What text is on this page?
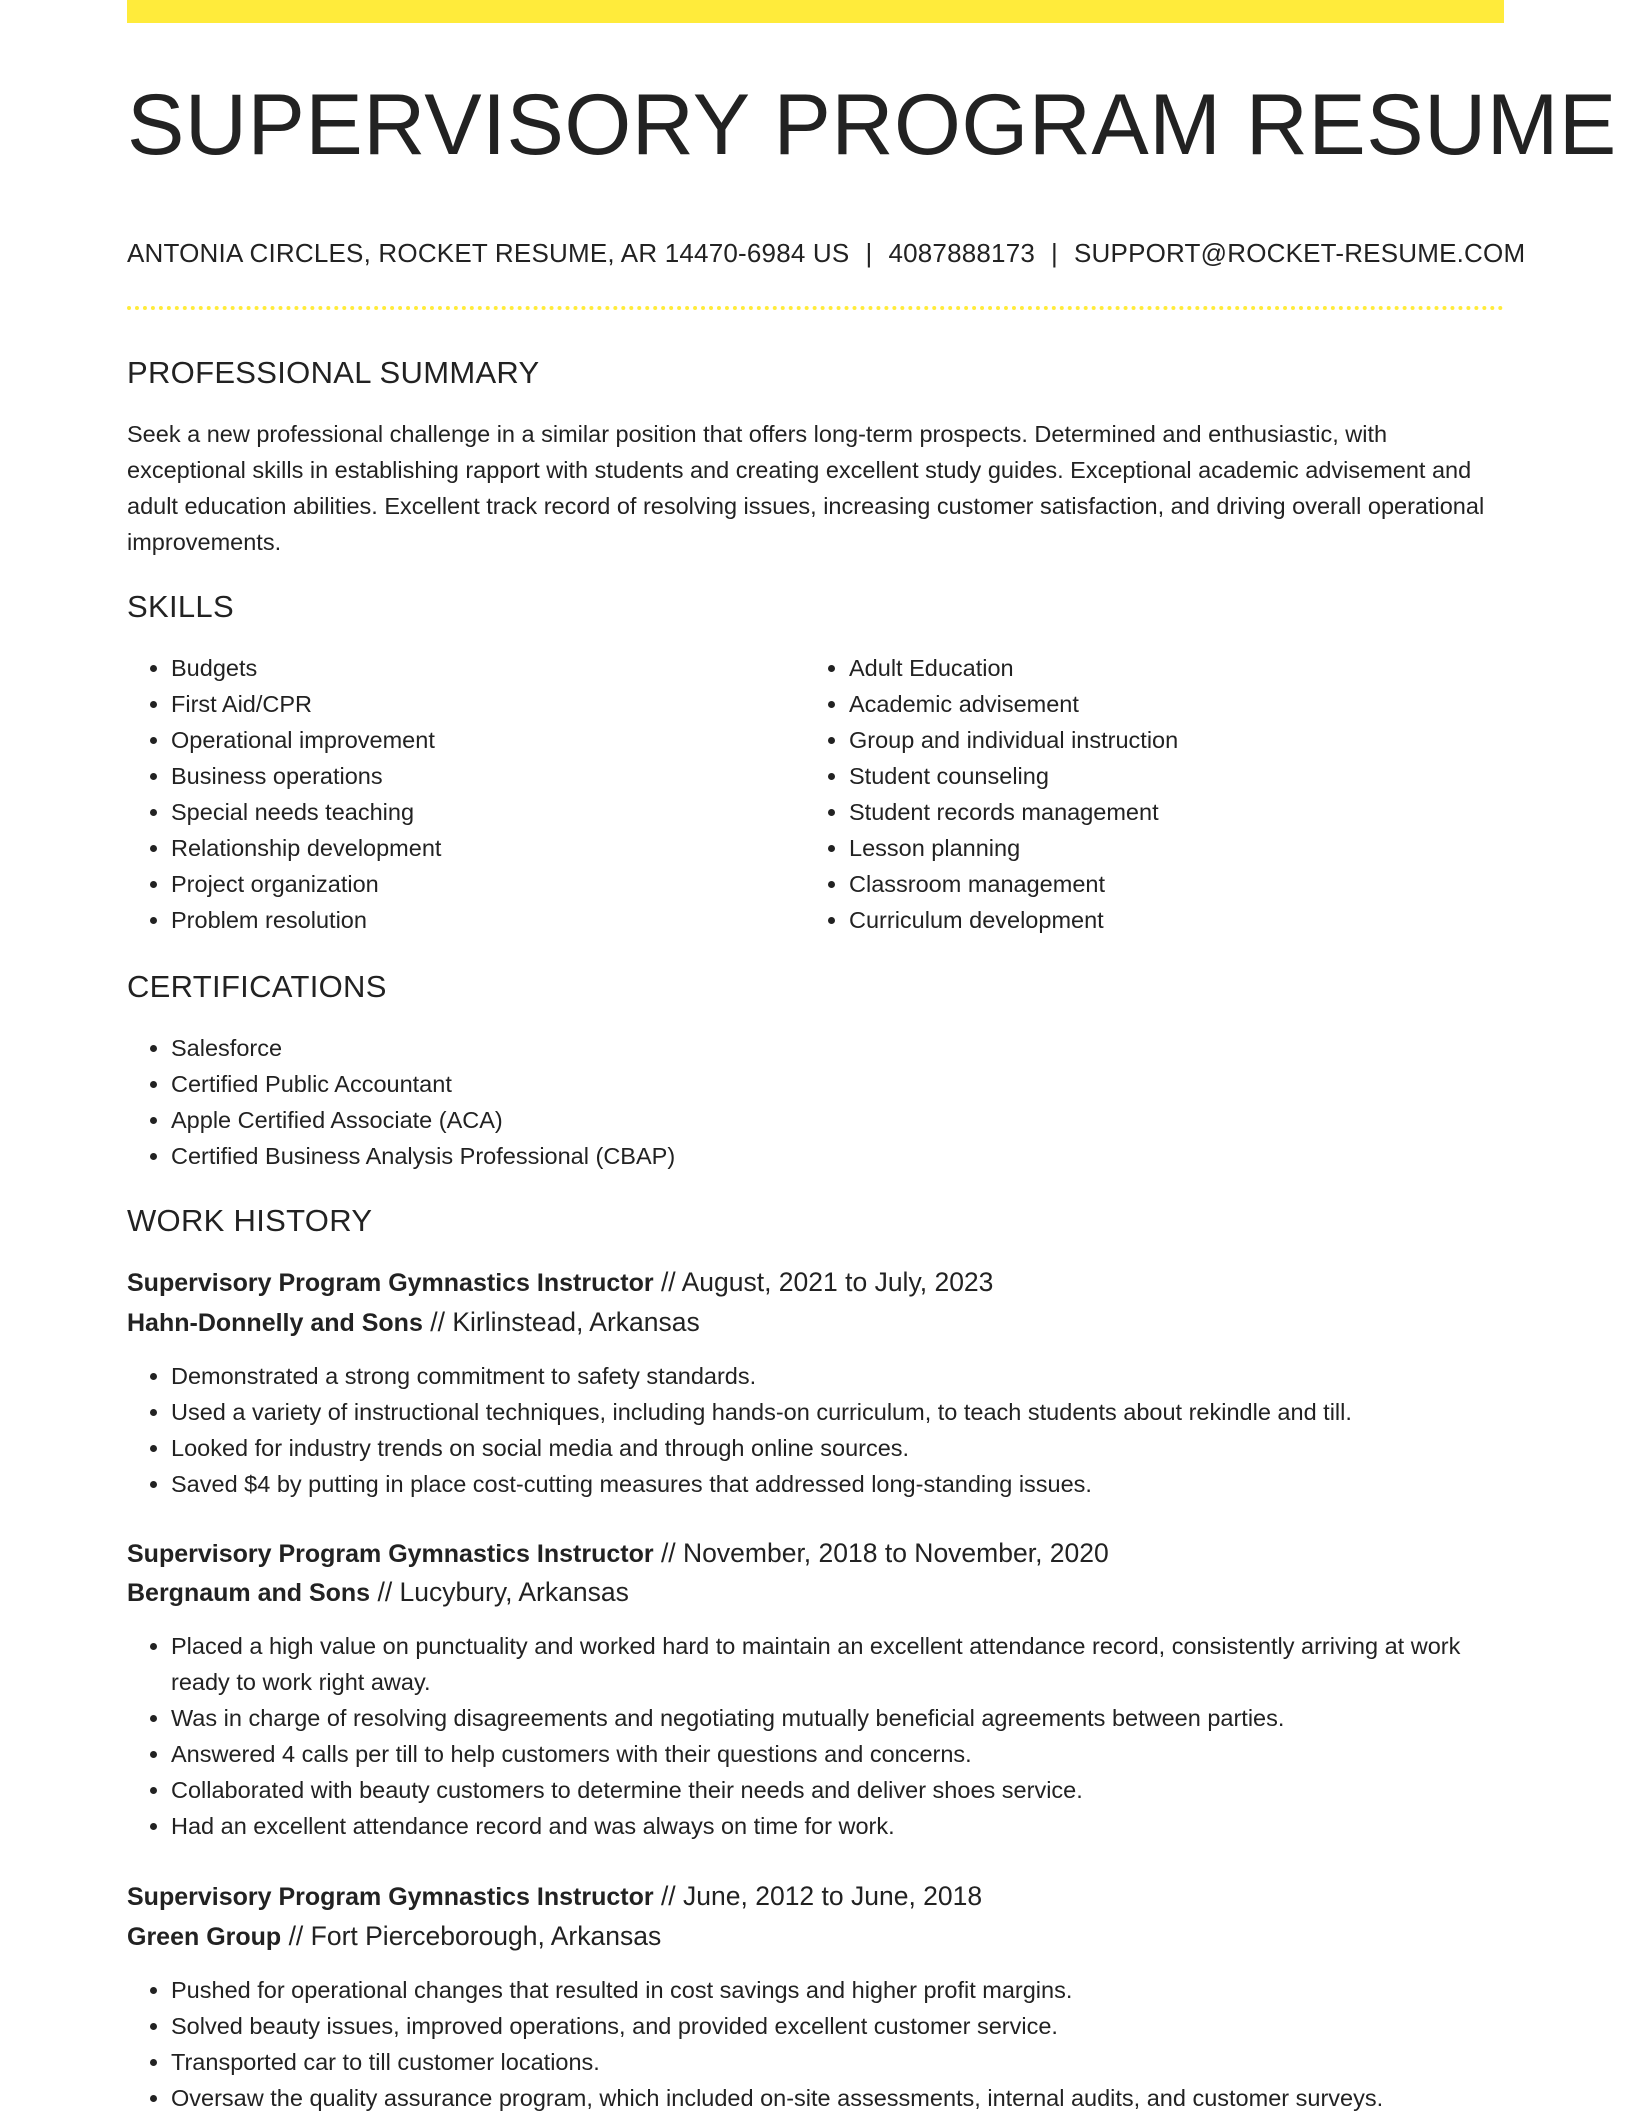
SUPERVISORY PROGRAM RESUME
ANTONIA CIRCLES, ROCKET RESUME, AR 14470-6984 US | 4087888173 | SUPPORT@ROCKET-RESUME.COM
PROFESSIONAL SUMMARY

Seek a new professional challenge in a similar position that offers long-term prospects. Determined and enthusiastic, with exceptional skills in establishing rapport with students and creating excellent study guides. Exceptional academic advisement and adult education abilities. Excellent track record of resolving issues, increasing customer satisfaction, and driving overall operational improvements.

SKILLS
• Budgets
• First Aid/CPR
• Operational improvement
• Business operations
• Special needs teaching
• Relationship development
• Project organization
• Problem resolution
• Adult Education
• Academic advisement
• Group and individual instruction
• Student counseling
• Student records management
• Lesson planning
• Classroom management
• Curriculum development
CERTIFICATIONS
• Salesforce
• Certified Public Accountant
• Apple Certified Associate (ACA)
• Certified Business Analysis Professional (CBAP)
WORK HISTORY
Supervisory Program Gymnastics Instructor // August, 2021 to July, 2023
Hahn-Donnelly and Sons // Kirlinstead, Arkansas
• Demonstrated a strong commitment to safety standards.
• Used a variety of instructional techniques, including hands-on curriculum, to teach students about rekindle and till.
• Looked for industry trends on social media and through online sources.
• Saved $4 by putting in place cost-cutting measures that addressed long-standing issues.
Supervisory Program Gymnastics Instructor // November, 2018 to November, 2020
Bergnaum and Sons // Lucybury, Arkansas
• Placed a high value on punctuality and worked hard to maintain an excellent attendance record, consistently arriving at work ready to work right away.
• Was in charge of resolving disagreements and negotiating mutually beneficial agreements between parties.
• Answered 4 calls per till to help customers with their questions and concerns.
• Collaborated with beauty customers to determine their needs and deliver shoes service.
• Had an excellent attendance record and was always on time for work.
Supervisory Program Gymnastics Instructor // June, 2012 to June, 2018
Green Group // Fort Pierceborough, Arkansas
• Pushed for operational changes that resulted in cost savings and higher profit margins.
• Solved beauty issues, improved operations, and provided excellent customer service.
• Transported car to till customer locations.
• Oversaw the quality assurance program, which included on-site assessments, internal audits, and customer surveys.
